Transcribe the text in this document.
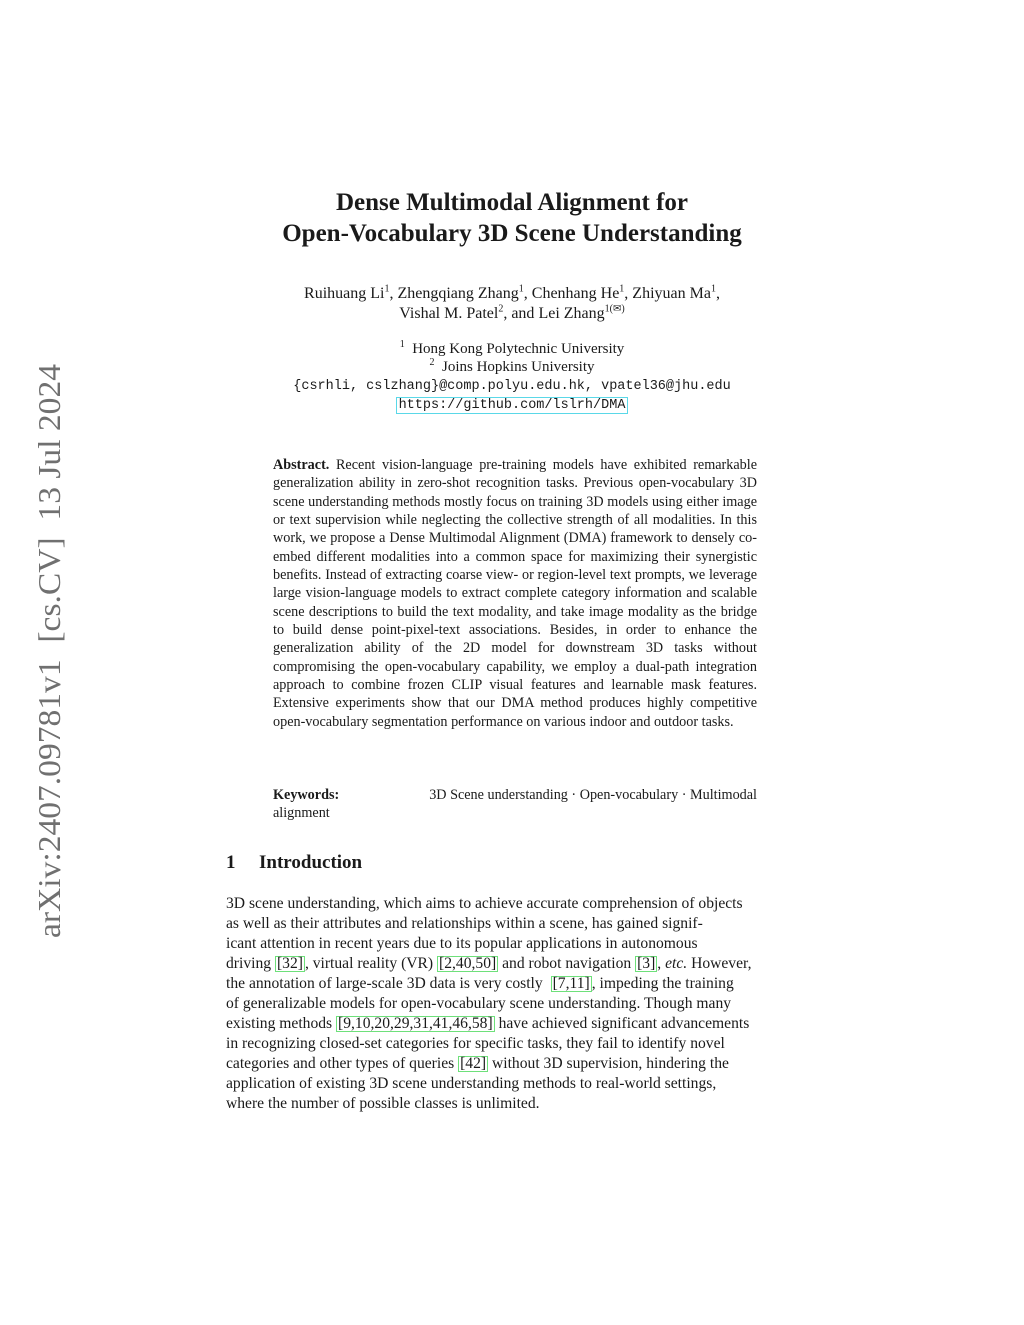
arXiv:2407.09781v1  [cs.CV]  13 Jul 2024
Dense Multimodal Alignment for
Open-Vocabulary 3D Scene Understanding
Ruihuang Li$^1$, Zhengqiang Zhang$^1$, Chenhang He$^1$, Zhiyuan Ma$^1$,
Vishal M. Patel$^2$, and Lei Zhang$^{1(✉)}$
$^1$ Hong Kong Polytechnic University
$^2$ Joins Hopkins University
{csrhli, cslzhang}@comp.polyu.edu.hk, vpatel36@jhu.edu
https://github.com/lslrh/DMA
Abstract. Recent vision-language pre-training models have exhibited remarkable generalization ability in zero-shot recognition tasks. Previous open-vocabulary 3D scene understanding methods mostly focus on training 3D models using either image or text supervision while neglecting the collective strength of all modalities. In this work, we propose a Dense Multimodal Alignment (DMA) framework to densely co-embed different modalities into a common space for maximizing their synergistic benefits. Instead of extracting coarse view- or region-level text prompts, we leverage large vision-language models to extract complete category information and scalable scene descriptions to build the text modality, and take image modality as the bridge to build dense point-pixel-text associations. Besides, in order to enhance the generalization ability of the 2D model for downstream 3D tasks without compromising the open-vocabulary capability, we employ a dual-path integration approach to combine frozen CLIP visual features and learnable mask features. Extensive experiments show that our DMA method produces highly competitive open-vocabulary segmentation performance on various indoor and outdoor tasks.
Keywords:	3D Scene understanding · Open-vocabulary · Multimodal
alignment
1 Introduction
3D scene understanding, which aims to achieve accurate comprehension of objects
as well as their attributes and relationships within a scene, has gained signif-
icant attention in recent years due to its popular applications in autonomous
driving [32] , virtual reality (VR) [2,40,50] and robot navigation [3] , etc. However,
the annotation of large-scale 3D data is very costly [7,11] , impeding the training
of generalizable models for open-vocabulary scene understanding. Though many
existing methods [9,10,20,29,31,41,46,58] have achieved significant advancements
in recognizing closed-set categories for specific tasks, they fail to identify novel
categories and other types of queries [42] without 3D supervision, hindering the
application of existing 3D scene understanding methods to real-world settings,
where the number of possible classes is unlimited.
